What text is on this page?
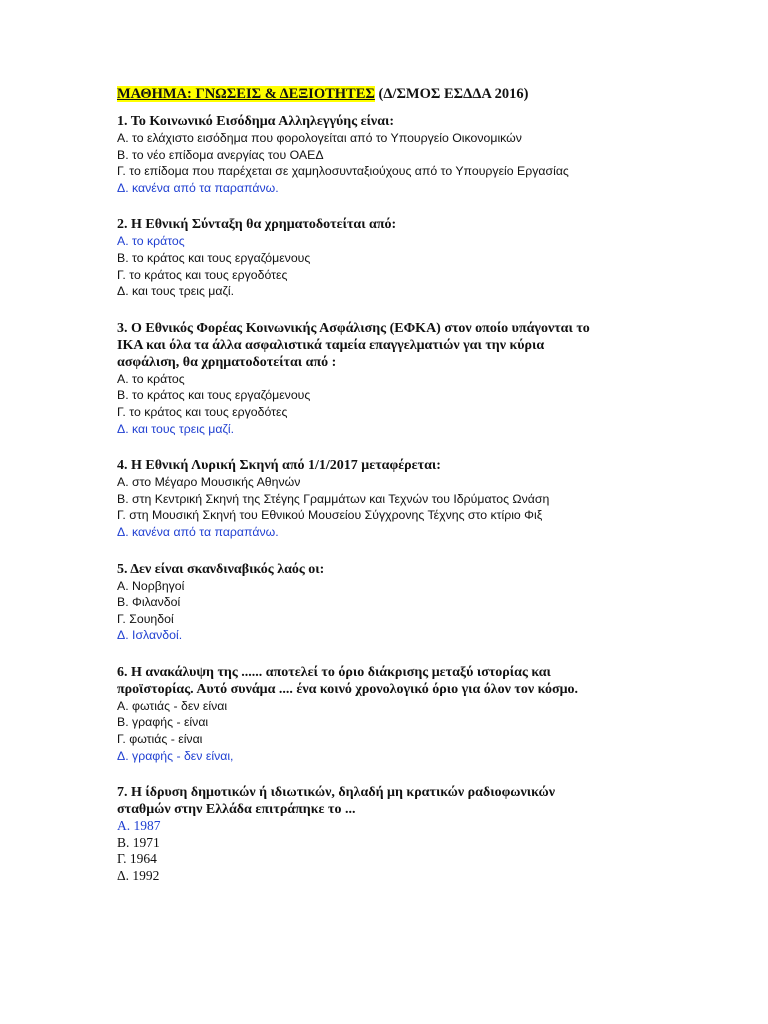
ΜΑΘΗΜΑ: ΓΝΩΣΕΙΣ & ΔΕΞΙΟΤΗΤΕΣ (Δ/ΣΜΟΣ ΕΣΔΔΑ 2016)

1. Το Κοινωνικό Εισόδημα Αλληλεγγύης είναι:

Α. το ελάχιστο εισόδημα που φορολογείται από το Υπουργείο Οικονομικών

Β. το νέο επίδομα ανεργίας του ΟΑΕΔ

Γ. το επίδομα που παρέχεται σε χαμηλοσυνταξιούχους από το Υπουργείο Εργασίας

Δ. κανένα από τα παραπάνω.

2. Η Εθνική Σύνταξη θα χρηματοδοτείται από:

Α. το κράτος

Β. το κράτος και τους εργαζόμενους

Γ. το κράτος και τους εργοδότες

Δ. και τους τρεις μαζί.

3. Ο Εθνικός Φορέας Κοινωνικής Ασφάλισης (ΕΦΚΑ) στον οποίο υπάγονται το

ΙΚΑ και όλα τα άλλα ασφαλιστικά ταμεία επαγγελματιών γαι την κύρια

ασφάλιση, θα χρηματοδοτείται από :

Α. το κράτος

Β. το κράτος και τους εργαζόμενους

Γ. το κράτος και τους εργοδότες

Δ. και τους τρεις μαζί.

4. Η Εθνική Λυρική Σκηνή από 1/1/2017 μεταφέρεται:

Α. στο Μέγαρο Μουσικής Αθηνών

Β. στη Κεντρική Σκηνή της Στέγης Γραμμάτων και Τεχνών του Ιδρύματος Ωνάση

Γ. στη Μουσική Σκηνή του Εθνικού Μουσείου Σύγχρονης Τέχνης στο κτίριο Φιξ

Δ. κανένα από τα παραπάνω.

5. Δεν είναι σκανδιναβικός λαός οι:

Α. Νορβηγοί

Β. Φιλανδοί

Γ. Σουηδοί

Δ. Ισλανδοί.

6. Η ανακάλυψη της ...... αποτελεί το όριο διάκρισης μεταξύ ιστορίας και

προϊστορίας. Αυτό συνάμα .... ένα κοινό χρονολογικό όριο για όλον τον κόσμο.

Α. φωτιάς - δεν είναι

Β. γραφής - είναι

Γ. φωτιάς - είναι

Δ. γραφής - δεν είναι,

7. Η ίδρυση δημοτικών ή ιδιωτικών, δηλαδή μη κρατικών ραδιοφωνικών

σταθμών στην Ελλάδα επιτράπηκε το ...

Α. 1987

Β. 1971

Γ. 1964

Δ. 1992
